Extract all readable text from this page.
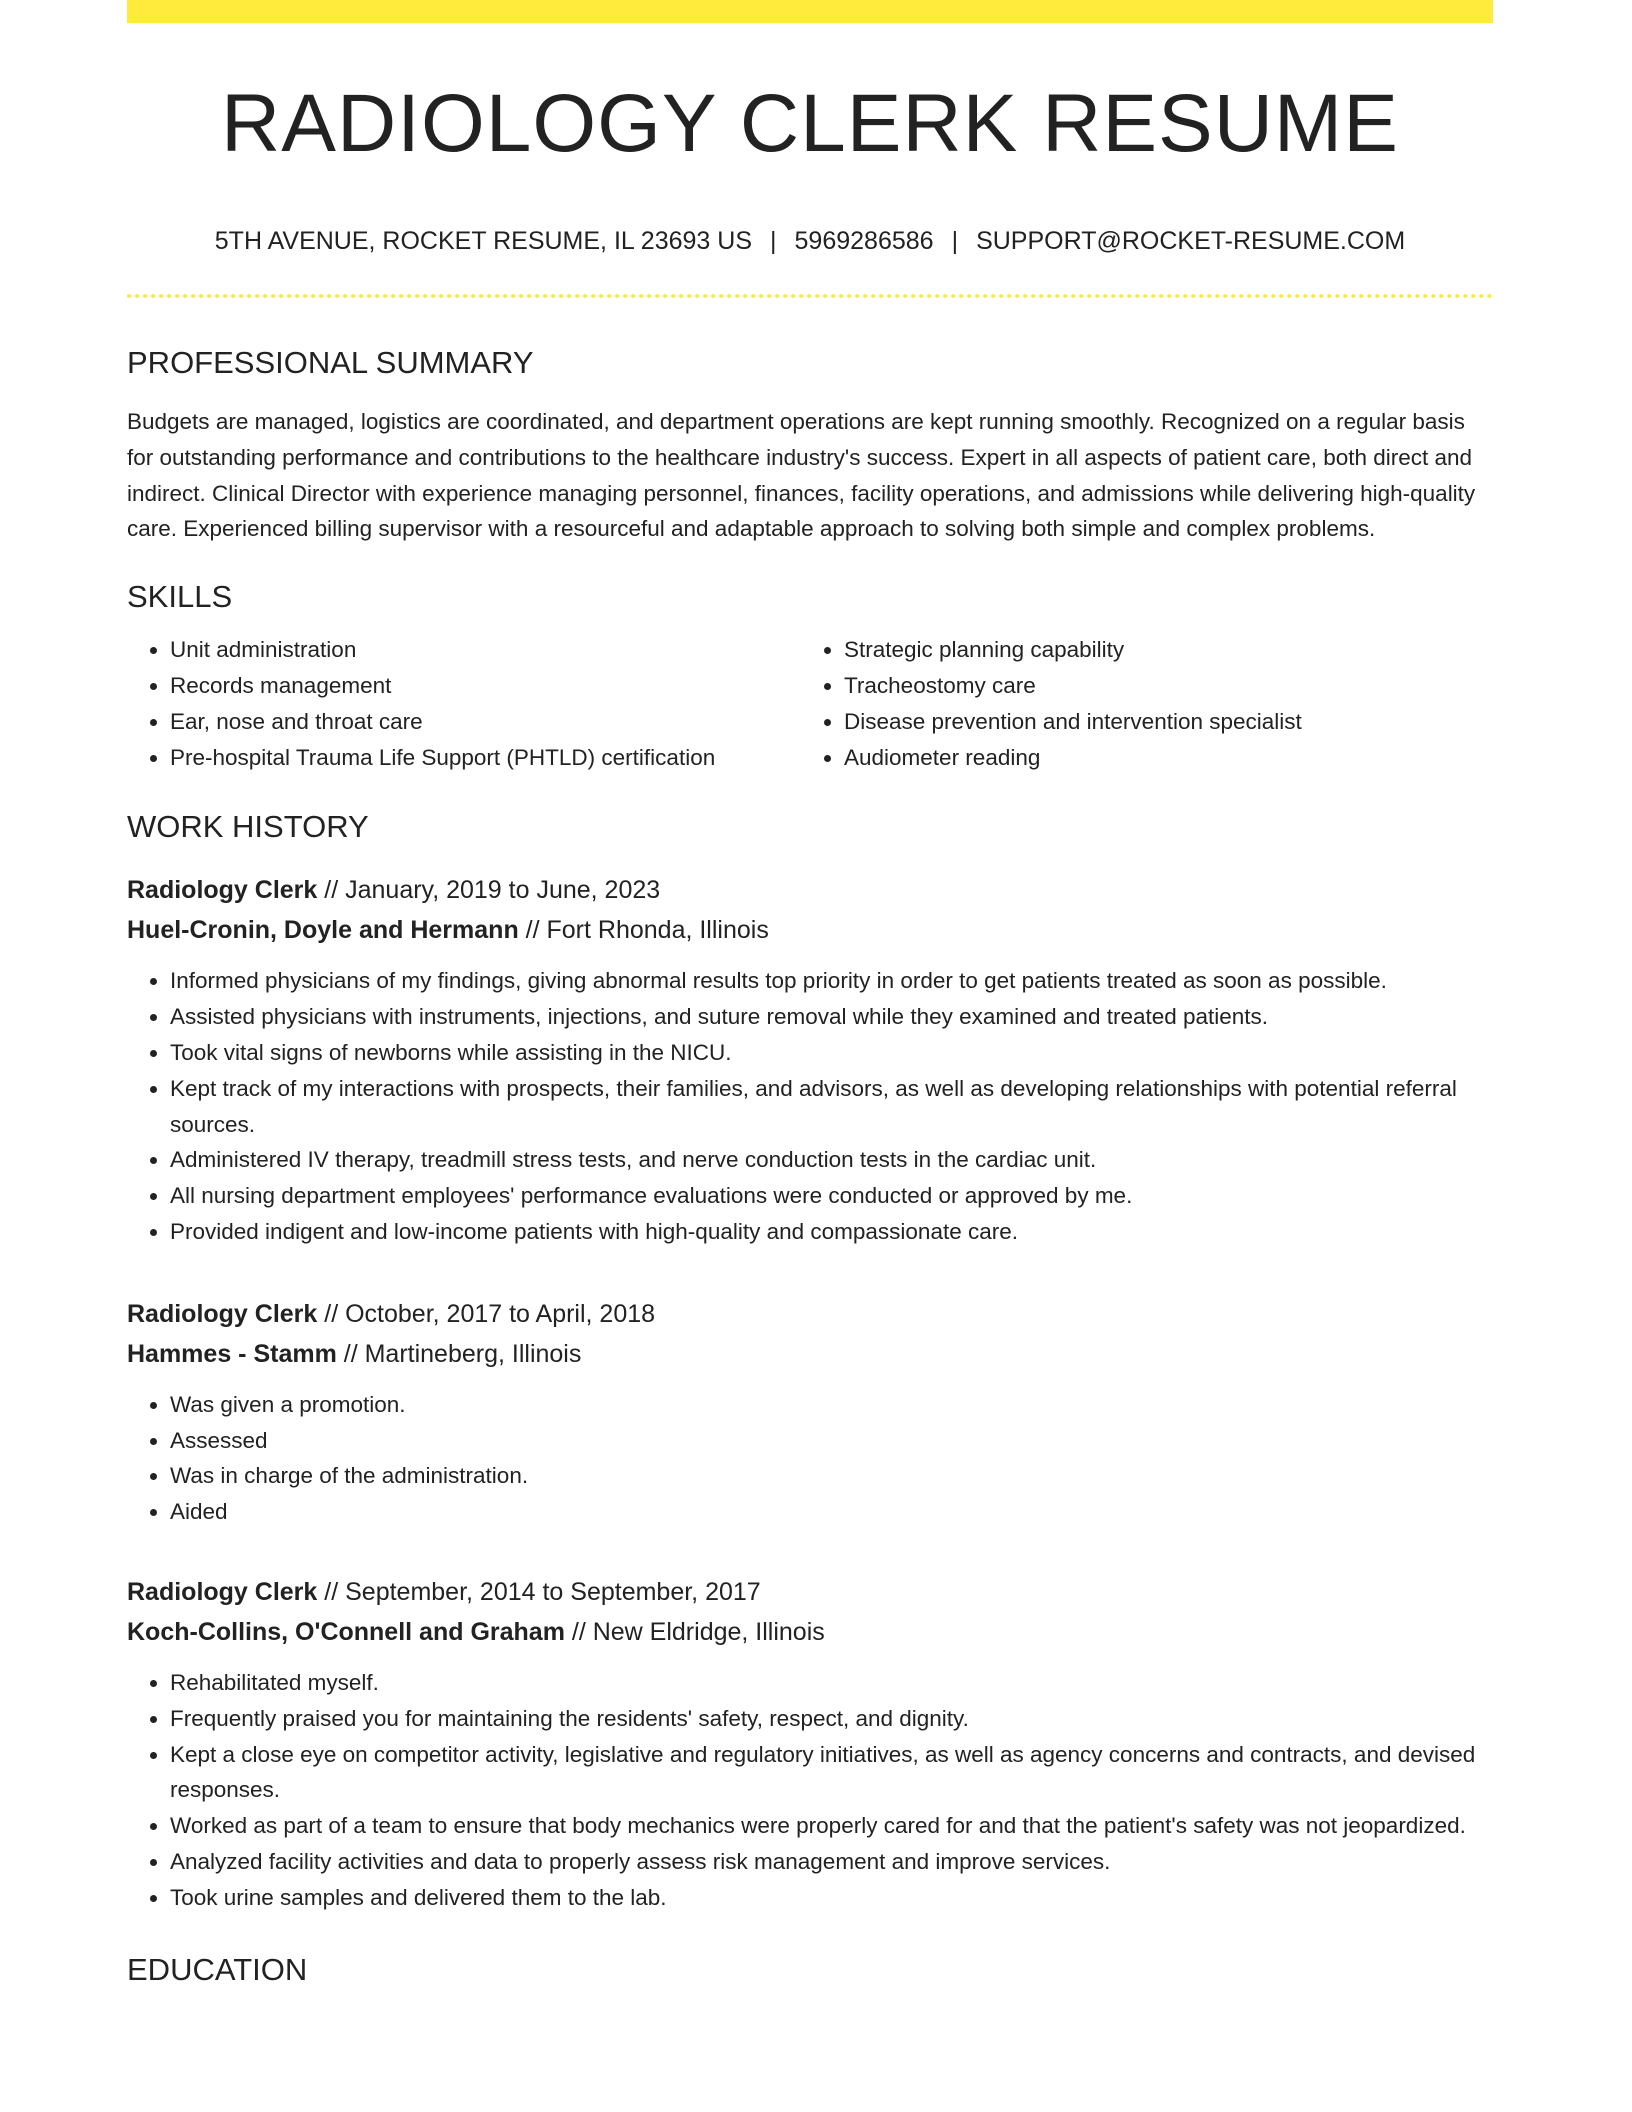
RADIOLOGY CLERK RESUME
5TH AVENUE, ROCKET RESUME, IL 23693 US | 5969286586 | SUPPORT@ROCKET-RESUME.COM
PROFESSIONAL SUMMARY
Budgets are managed, logistics are coordinated, and department operations are kept running smoothly. Recognized on a regular basis for outstanding performance and contributions to the healthcare industry's success. Expert in all aspects of patient care, both direct and indirect. Clinical Director with experience managing personnel, finances, facility operations, and admissions while delivering high-quality care. Experienced billing supervisor with a resourceful and adaptable approach to solving both simple and complex problems.
SKILLS
• Unit administration
• Records management
• Ear, nose and throat care
• Pre-hospital Trauma Life Support (PHTLD) certification
• Strategic planning capability
• Tracheostomy care
• Disease prevention and intervention specialist
• Audiometer reading
WORK HISTORY
Radiology Clerk // January, 2019 to June, 2023
Huel-Cronin, Doyle and Hermann // Fort Rhonda, Illinois
• Informed physicians of my findings, giving abnormal results top priority in order to get patients treated as soon as possible.
• Assisted physicians with instruments, injections, and suture removal while they examined and treated patients.
• Took vital signs of newborns while assisting in the NICU.
• Kept track of my interactions with prospects, their families, and advisors, as well as developing relationships with potential referral sources.
• Administered IV therapy, treadmill stress tests, and nerve conduction tests in the cardiac unit.
• All nursing department employees' performance evaluations were conducted or approved by me.
• Provided indigent and low-income patients with high-quality and compassionate care.
Radiology Clerk // October, 2017 to April, 2018
Hammes - Stamm // Martineberg, Illinois
• Was given a promotion.
• Assessed
• Was in charge of the administration.
• Aided
Radiology Clerk // September, 2014 to September, 2017
Koch-Collins, O'Connell and Graham // New Eldridge, Illinois
• Rehabilitated myself.
• Frequently praised you for maintaining the residents' safety, respect, and dignity.
• Kept a close eye on competitor activity, legislative and regulatory initiatives, as well as agency concerns and contracts, and devised responses.
• Worked as part of a team to ensure that body mechanics were properly cared for and that the patient's safety was not jeopardized.
• Analyzed facility activities and data to properly assess risk management and improve services.
• Took urine samples and delivered them to the lab.
EDUCATION
